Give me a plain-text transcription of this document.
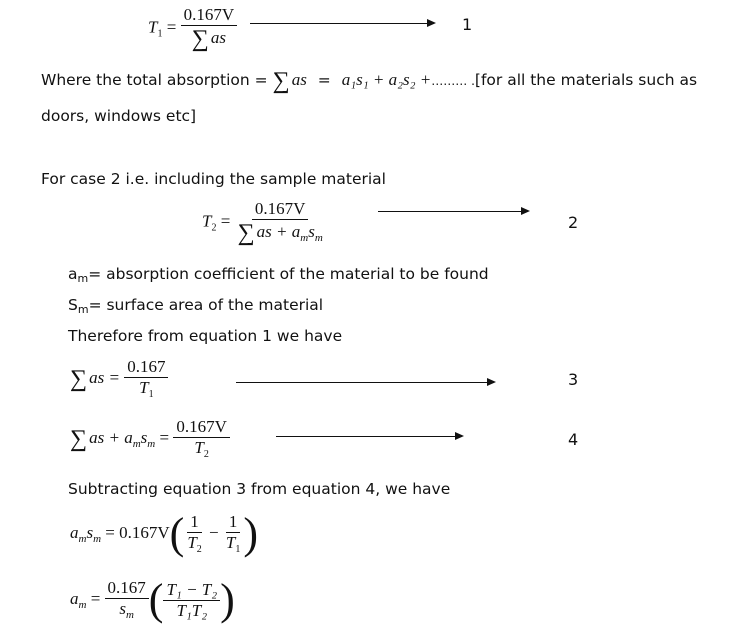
$T_1 = \frac{0.167V}{\sum as}$	1
Where the total absorption = ∑ as = a₁s₁ + a₂s₂ +……… .[for all the materials such as
doors, windows etc]
For case 2 i.e. including the sample material
$T_2 = \frac{0.167V}{\sum as + a_ms_m}$	2
am= absorption coefficient of the material to be found
Sm= surface area of the material
Therefore from equation 1 we have
∑ as = $\frac{0.167}{T_1}$	3
∑ as + $a_ms_m = \frac{0.167V}{T_2}$	4
Subtracting equation 3 from equation 4, we have
$a_ms_m = 0.167V( \frac{1}{T_2} - \frac{1}{T_1}$ )
$a_m = \frac{0.167}{s_m}$ ( $\frac{\text{T₁ − T₂}}{\text{T₁T₂}}$ )
